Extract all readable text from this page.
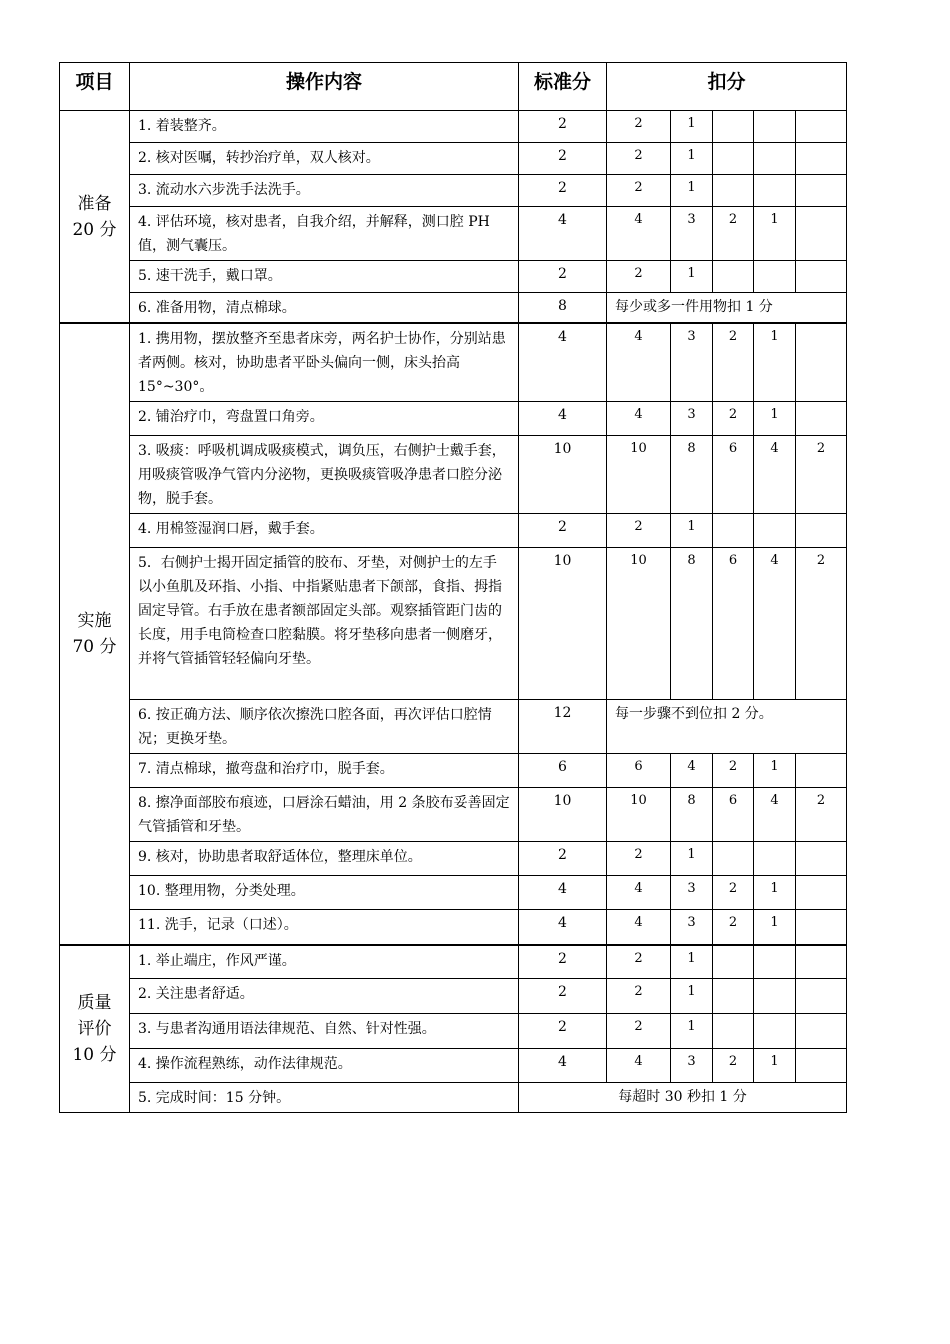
项目	操作内容	标准分	扣分				
准备
20 分	1. 着装整齐。	2	2	1			
	2. 核对医嘱，转抄治疗单，双人核对。	2	2	1			
	3. 流动水六步洗手法洗手。	2	2	1			
	4. 评估环境，核对患者，自我介绍，并解释，测口腔 PH 值，测气囊压。	4	4	3	2	1	
	5. 速干洗手，戴口罩。	2	2	1			
	6. 准备用物，清点棉球。	8	每少或多一件用物扣 1 分				
实施
70 分	1. 携用物，摆放整齐至患者床旁，两名护士协作，分别站患者两侧。核对，协助患者平卧头偏向一侧，床头抬高 15°~30°。	4	4	3	2	1	
	2. 铺治疗巾，弯盘置口角旁。	4	4	3	2	1	
	3. 吸痰：呼吸机调成吸痰模式，调负压，右侧护士戴手套，用吸痰管吸净气管内分泌物，更换吸痰管吸净患者口腔分泌物，脱手套。	10	10	8	6	4	2
	4. 用棉签湿润口唇，戴手套。	2	2	1			
	5．右侧护士揭开固定插管的胶布、牙垫，对侧护士的左手以小鱼肌及环指、小指、中指紧贴患者下颌部，食指、拇指固定导管。右手放在患者额部固定头部。观察插管距门齿的长度，用手电筒检查口腔黏膜。将牙垫移向患者一侧磨牙，并将气管插管轻轻偏向牙垫。	10	10	8	6	4	2
	6. 按正确方法、顺序依次擦洗口腔各面，再次评估口腔情况；更换牙垫。	12	每一步骤不到位扣 2 分。				
	7. 清点棉球，撤弯盘和治疗巾，脱手套。	6	6	4	2	1	
	8. 擦净面部胶布痕迹，口唇涂石蜡油，用 2 条胶布妥善固定气管插管和牙垫。	10	10	8	6	4	2
	9. 核对，协助患者取舒适体位，整理床单位。	2	2	1			
	10. 整理用物，分类处理。	4	4	3	2	1	
	11. 洗手，记录（口述）。	4	4	3	2	1	
质量
评价
10 分	1. 举止端庄，作风严谨。	2	2	1			
	2. 关注患者舒适。	2	2	1			
	3. 与患者沟通用语法律规范、自然、针对性强。	2	2	1			
	4. 操作流程熟练，动作法律规范。	4	4	3	2	1	
	5. 完成时间：15 分钟。	每超时 30 秒扣 1 分					
